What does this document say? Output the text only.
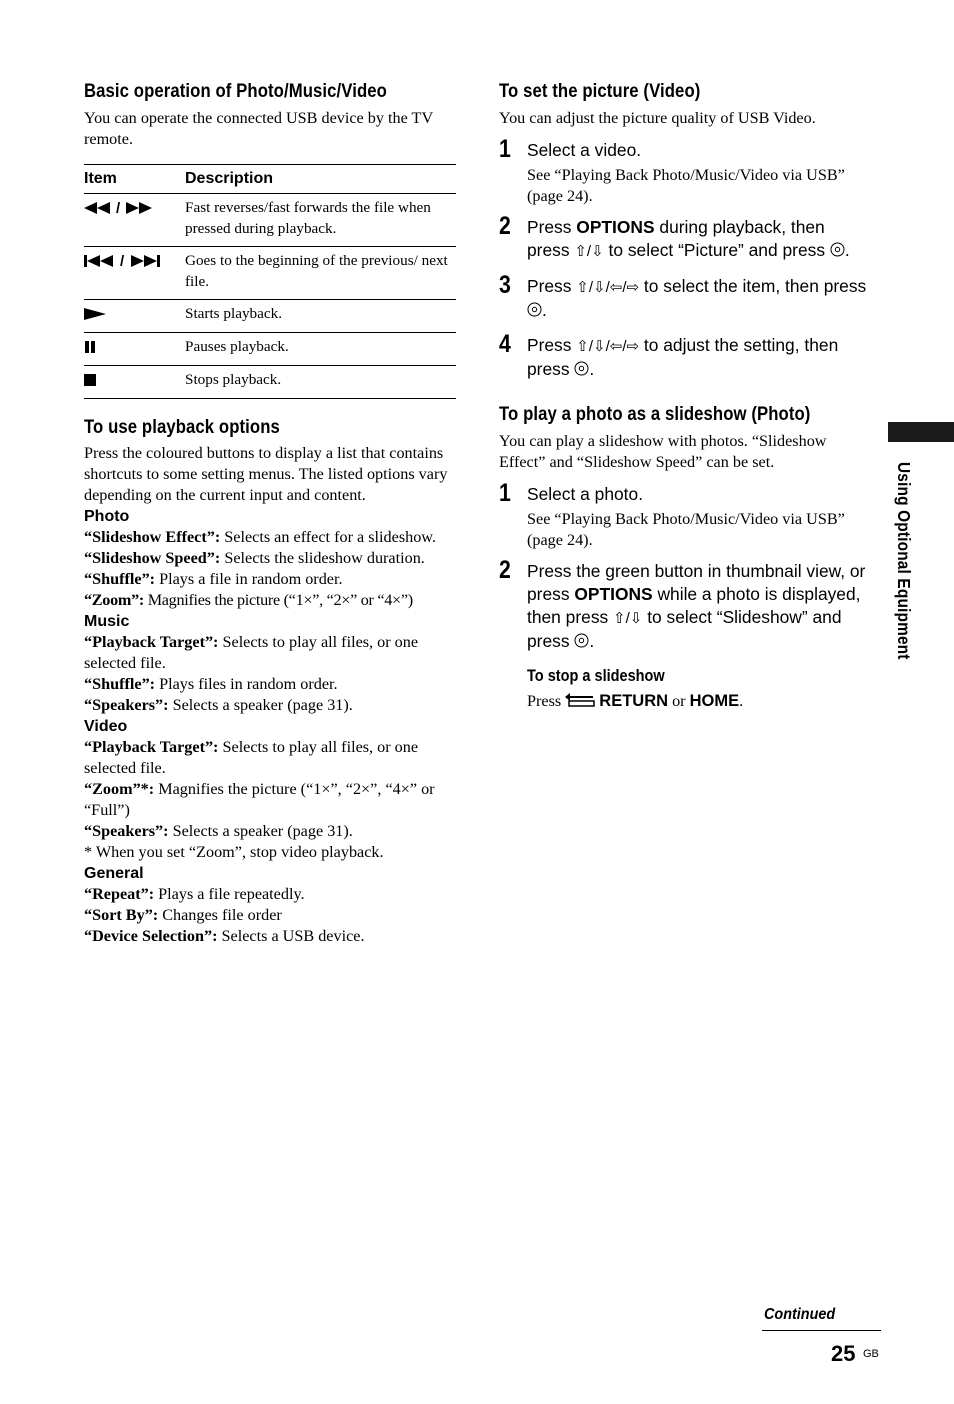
Basic operation of Photo/Music/Video

You can operate the connected USB device by the TV remote.

Item	Description

/	Fast reverses/fast forwards the file when pressed during playback.

/	Goes to the beginning of the previous/ next file.

	Starts playback.

	Pauses playback.

	Stops playback.
To use playback options

Press the coloured buttons to display a list that contains shortcuts to some setting menus. The listed options vary depending on the current input and content.

Photo

“Slideshow Effect”: Selects an effect for a slideshow.

“Slideshow Speed”: Selects the slideshow duration.

“Shuffle”: Plays a file in random order.

“Zoom”: Magnifies the picture (“1×”, “2×” or “4×”)

Music

“Playback Target”: Selects to play all files, or one selected file.

“Shuffle”: Plays files in random order.

“Speakers”: Selects a speaker (page 31).

Video

“Playback Target”: Selects to play all files, or one selected file.

“Zoom”*: Magnifies the picture (“1×”, “2×”, “4×” or “Full”)

“Speakers”: Selects a speaker (page 31).

* When you set “Zoom”, stop video playback.

General

“Repeat”: Plays a file repeatedly.

“Sort By”: Changes file order

“Device Selection”: Selects a USB device.

To set the picture (Video)

You can adjust the picture quality of USB Video.

1 Select a video.

See “Playing Back Photo/Music/Video via USB” (page 24).

2 Press OPTIONS during playback, then press ⇧/⇩ to select “Picture” and press .

3 Press ⇧/⇩/⇦/⇨ to select the item, then press .

4 Press ⇧/⇩/⇦/⇨ to adjust the setting, then press .

To play a photo as a slideshow (Photo)

You can play a slideshow with photos. “Slideshow Effect” and “Slideshow Speed” can be set.

1 Select a photo.

See “Playing Back Photo/Music/Video via USB” (page 24).

2 Press the green button in thumbnail view, or press OPTIONS while a photo is displayed, then press ⇧/⇩ to select “Slideshow” and press .

To stop a slideshow

Press  RETURN or HOME.

Using Optional Equipment
Continued
25 GB
